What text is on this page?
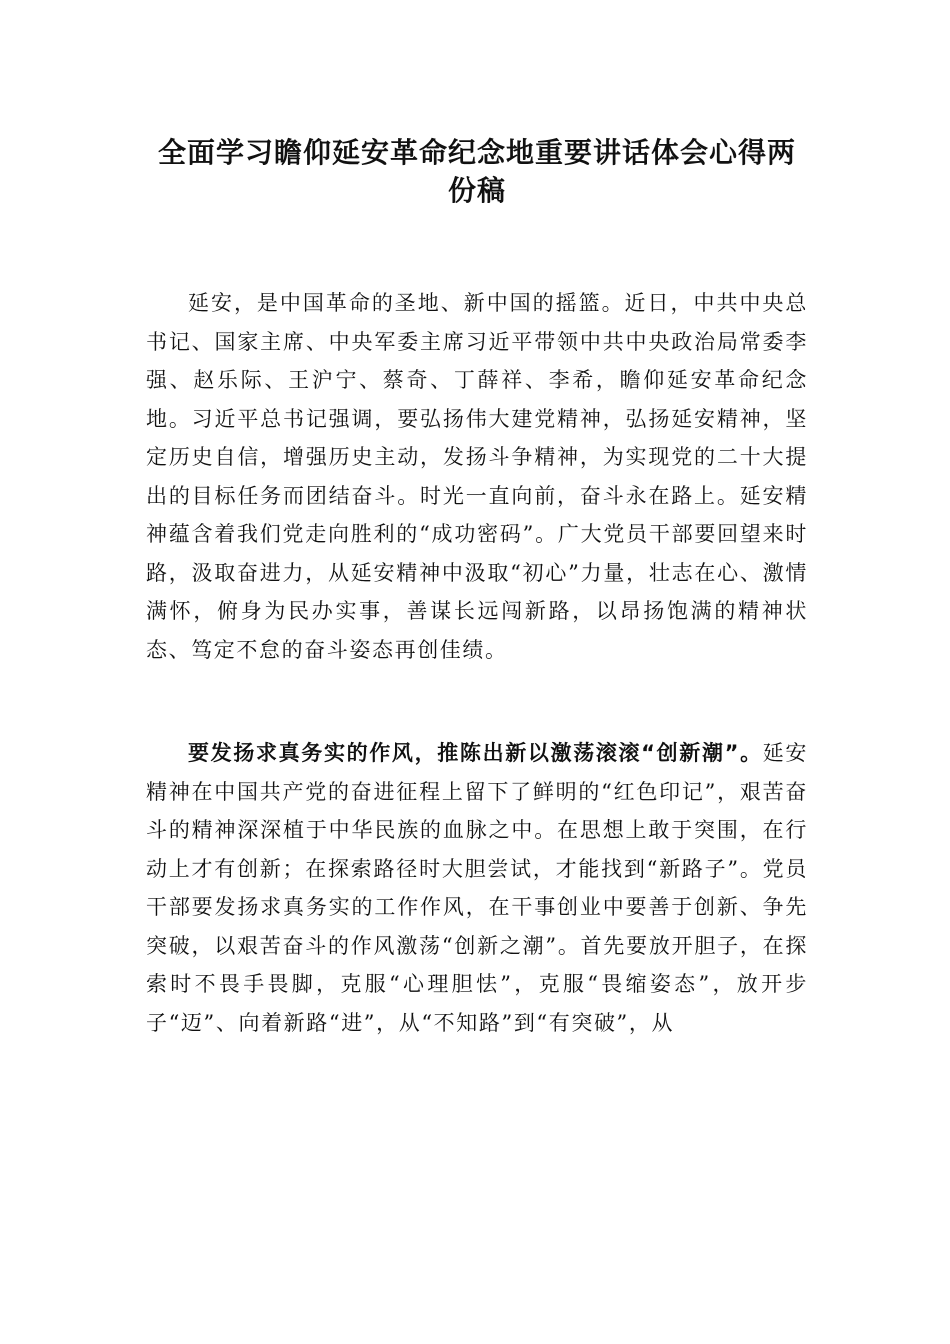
全面学习瞻仰延安革命纪念地重要讲话体会心得两份稿

延安，是中国革命的圣地、新中国的摇篮。近日，中共中央总书记、国家主席、中央军委主席习近平带领中共中央政治局常委李强、赵乐际、王沪宁、蔡奇、丁薛祥、李希，瞻仰延安革命纪念地。习近平总书记强调，要弘扬伟大建党精神，弘扬延安精神，坚定历史自信，增强历史主动，发扬斗争精神，为实现党的二十大提出的目标任务而团结奋斗。时光一直向前，奋斗永在路上。延安精神蕴含着我们党走向胜利的“成功密码”。广大党员干部要回望来时路，汲取奋进力，从延安精神中汲取“初心”力量，壮志在心、激情满怀，俯身为民办实事，善谋长远闯新路，以昂扬饱满的精神状态、笃定不怠的奋斗姿态再创佳绩。

要发扬求真务实的作风，推陈出新以激荡滚滚“创新潮”。延安精神在中国共产党的奋进征程上留下了鲜明的“红色印记”，艰苦奋斗的精神深深植于中华民族的血脉之中。在思想上敢于突围，在行动上才有创新；在探索路径时大胆尝试，才能找到“新路子”。党员干部要发扬求真务实的工作作风，在干事创业中要善于创新、争先突破，以艰苦奋斗的作风激荡“创新之潮”。首先要放开胆子，在探索时不畏手畏脚，克服“心理胆怯”，克服“畏缩姿态”，放开步子“迈”、向着新路“进”，从“不知路”到“有突破”，从
